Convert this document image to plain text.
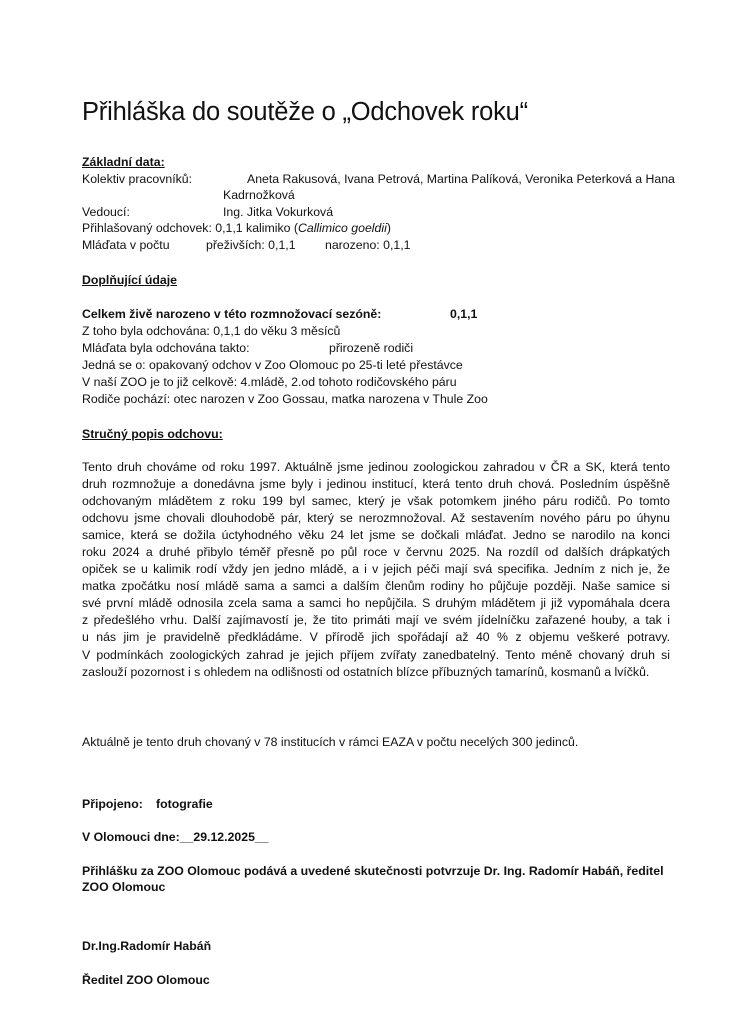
Přihláška do soutěže o „Odchovek roku“
Základní data:
Kolektiv pracovníků:	Aneta Rakusová, Ivana Petrová, Martina Palíková, Veronika Peterková a Hana
Kadrnožková
Vedoucí:	Ing. Jitka Vokurková
Přihlašovaný odchovek: 0,1,1 kalimiko (Callimico goeldii)
Mláďata v počtu	přeživších: 0,1,1 narozeno: 0,1,1
Doplňující údaje
Celkem živě narozeno v této rozmnožovací sezóně:	0,1,1
Z toho byla odchována: 0,1,1 do věku 3 měsíců
Mláďata byla odchována takto:	přirozeně rodiči
Jedná se o: opakovaný odchov v Zoo Olomouc po 25-ti leté přestávce
V naší ZOO je to již celkově: 4.mládě, 2.od tohoto rodičovského páru
Rodiče pochází: otec narozen v Zoo Gossau, matka narozena v Thule Zoo
Stručný popis odchovu:
Tento druh chováme od roku 1997. Aktuálně jsme jedinou zoologickou zahradou v ČR a SK, která tento
druh rozmnožuje a donedávna jsme byly i jedinou institucí, která tento druh chová. Posledním úspěšně
odchovaným mládětem z roku 199 byl samec, který je však potomkem jiného páru rodičů. Po tomto
odchovu jsme chovali dlouhodobě pár, který se nerozmnožoval. Až sestavením nového páru po úhynu
samice, která se dožila úctyhodného věku 24 let jsme se dočkali mláďat. Jedno se narodilo na konci
roku 2024 a druhé přibylo téměř přesně po půl roce v červnu 2025. Na rozdíl od dalších drápkatých
opiček se u kalimik rodí vždy jen jedno mládě, a i v jejich péči mají svá specifika. Jedním z nich je, že
matka zpočátku nosí mládě sama a samci a dalším členům rodiny ho půjčuje později. Naše samice si
své první mládě odnosila zcela sama a samci ho nepůjčila. S druhým mládětem ji již vypomáhala dcera
z předešlého vrhu. Další zajímavostí je, že tito primáti mají ve svém jídelníčku zařazené houby, a tak i
u nás jim je pravidelně předkládáme. V přírodě jich spořádají až 40 % z objemu veškeré potravy.
V podmínkách zoologických zahrad je jejich příjem zvířaty zanedbatelný. Tento méně chovaný druh si
zaslouží pozornost i s ohledem na odlišnosti od ostatních blízce příbuzných tamarínů, kosmanů a lvíčků.
Aktuálně je tento druh chovaný v 78 institucích v rámci EAZA v počtu necelých 300 jedinců.
Připojeno: fotografie
V Olomouci dne:__29.12.2025__
Přihlášku za ZOO Olomouc podává a uvedené skutečnosti potvrzuje Dr. Ing. Radomír Habáň, ředitel
ZOO Olomouc
Dr.Ing.Radomír Habáň
Ředitel ZOO Olomouc
